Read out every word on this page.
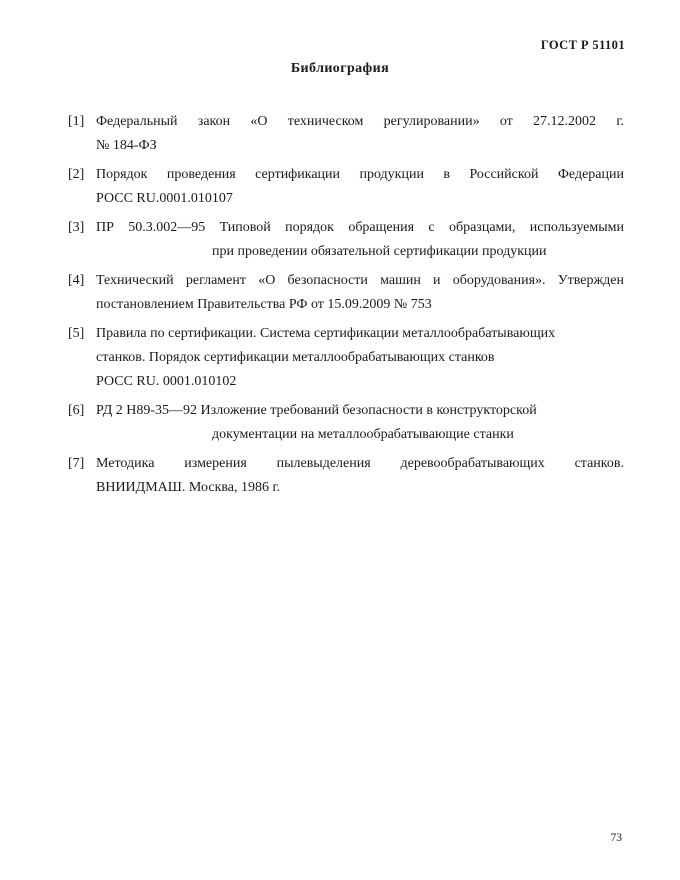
ГОСТ Р 51101
Библиография
[1] Федеральный закон «О техническом регулировании» от 27.12.2002 г.
№ 184-ФЗ
[2] Порядок проведения сертификации продукции в Российской Федерации
РОСС RU.0001.010107
[3] ПР 50.3.002—95 Типовой порядок обращения с образцами, используемыми
при проведении обязательной сертификации продукции
[4] Технический регламент «О безопасности машин и оборудования». Утвержден
постановлением Правительства РФ от 15.09.2009 № 753
[5] Правила по сертификации. Система сертификации металлообрабатывающих
станков. Порядок сертификации металлообрабатывающих станков
РОСС RU. 0001.010102
[6] РД 2 Н89-35—92 Изложение требований безопасности в конструкторской
документации на металлообрабатывающие станки
[7] Методика измерения пылевыделения деревообрабатывающих станков.
ВНИИДМАШ. Москва, 1986 г.
73
